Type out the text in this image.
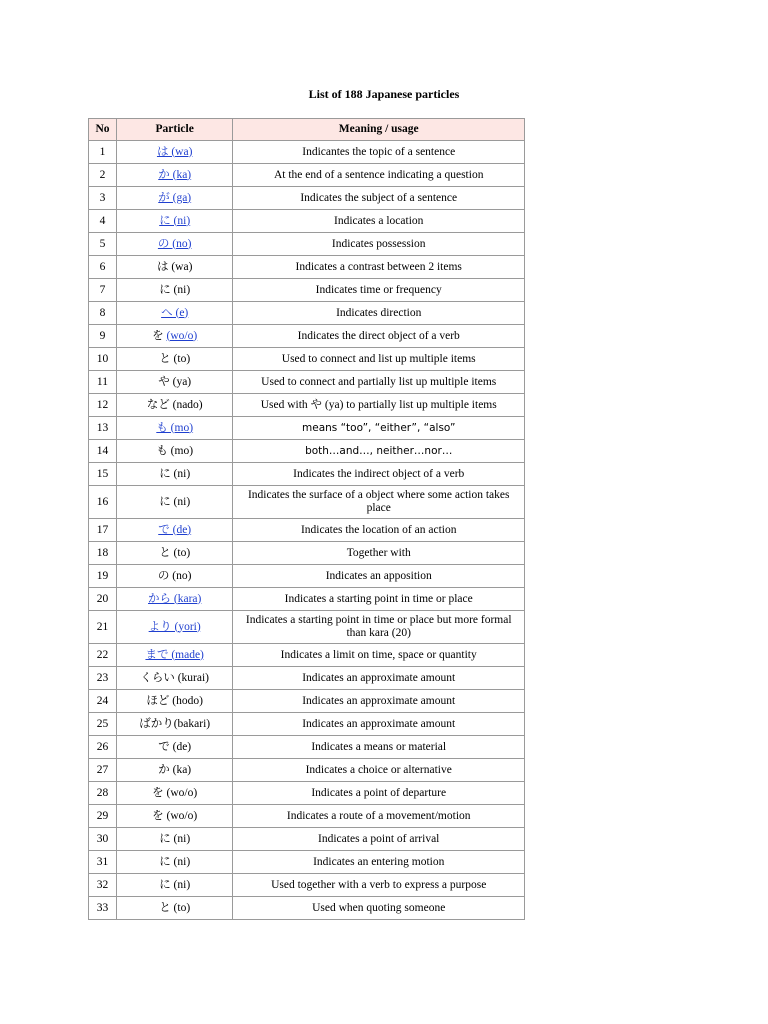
List of 188 Japanese particles
No	Particle	Meaning / usage
1	は (wa)	Indicantes the topic of a sentence
2	か (ka)	At the end of a sentence indicating a question
3	が (ga)	Indicates the subject of a sentence
4	に (ni)	Indicates a location
5	の (no)	Indicates possession
6	は (wa)	Indicates a contrast between 2 items
7	に (ni)	Indicates time or frequency
8	へ (e)	Indicates direction
9	を (wo/o)	Indicates the direct object of a verb
10	と (to)	Used to connect and list up multiple items
11	や (ya)	Used to connect and partially list up multiple items
12	など (nado)	Used with や (ya) to partially list up multiple items
13	も (mo)	means “too”, “either”, “also”
14	も (mo)	both…and…, neither…nor…
15	に (ni)	Indicates the indirect object of a verb
16	に (ni)	Indicates the surface of a object where some action takes place
17	で (de)	Indicates the location of an action
18	と (to)	Together with
19	の (no)	Indicates an apposition
20	から (kara)	Indicates a starting point in time or place
21	より (yori)	Indicates a starting point in time or place but more formal than kara (20)
22	まで (made)	Indicates a limit on time, space or quantity
23	くらい (kurai)	Indicates an approximate amount
24	ほど (hodo)	Indicates an approximate amount
25	ばかり(bakari)	Indicates an approximate amount
26	で (de)	Indicates a means or material
27	か (ka)	Indicates a choice or alternative
28	を (wo/o)	Indicates a point of departure
29	を (wo/o)	Indicates a route of a movement/motion
30	に (ni)	Indicates a point of arrival
31	に (ni)	Indicates an entering motion
32	に (ni)	Used together with a verb to express a purpose
33	と (to)	Used when quoting someone
